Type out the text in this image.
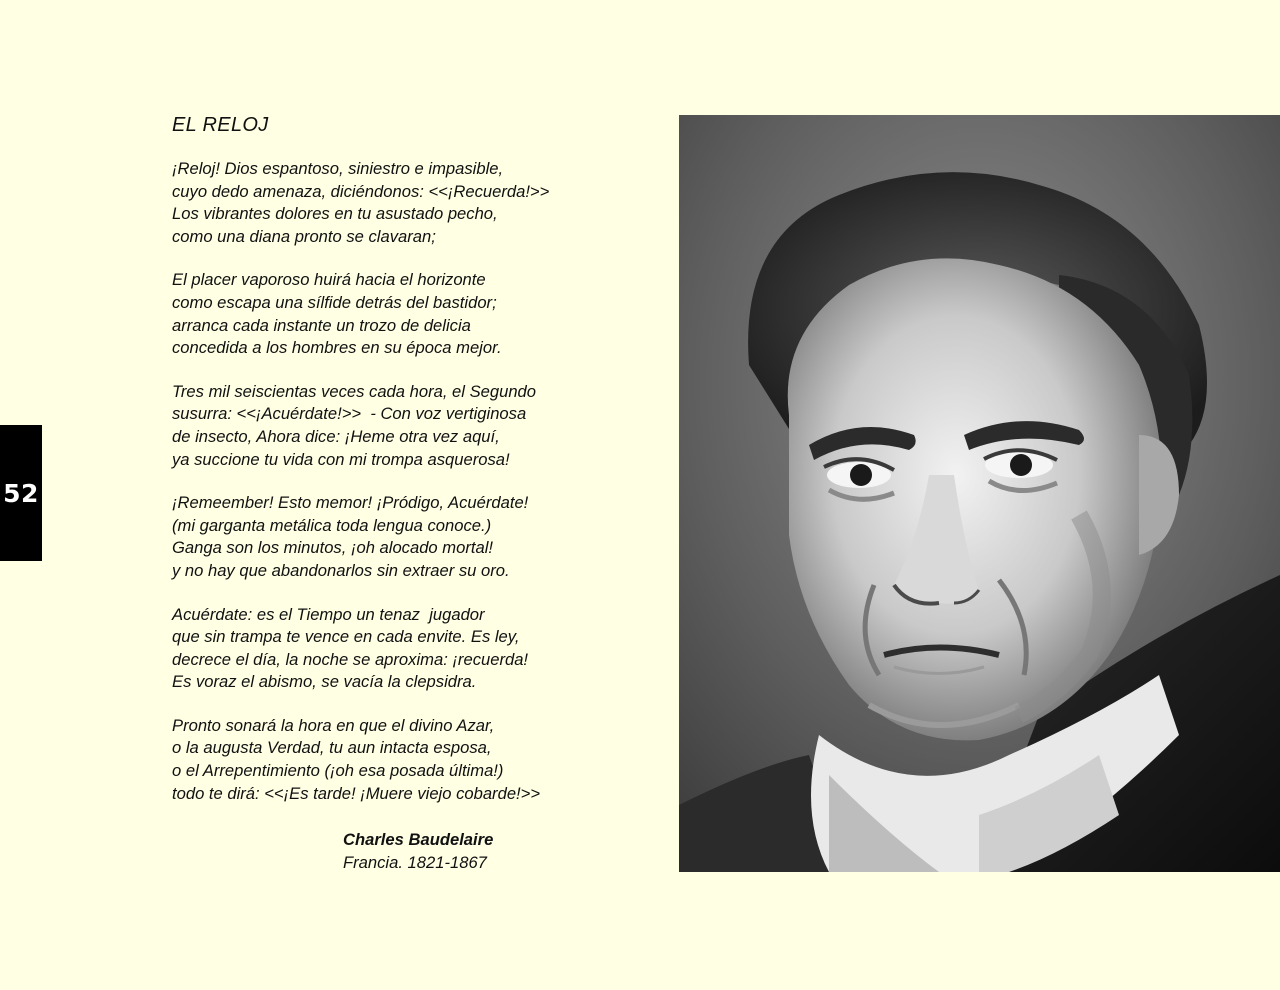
52
EL RELOJ
¡Reloj! Dios espantoso, siniestro e impasible,
cuyo dedo amenaza, diciéndonos: <<¡Recuerda!>>
Los vibrantes dolores en tu asustado pecho,
como una diana pronto se clavaran;
El placer vaporoso huirá hacia el horizonte
como escapa una sílfide detrás del bastidor;
arranca cada instante un trozo de delicia
concedida a los hombres en su época mejor.
Tres mil seiscientas veces cada hora, el Segundo
susurra: <<¡Acuérdate!>>  - Con voz vertiginosa
de insecto, Ahora dice: ¡Heme otra vez aquí,
ya succione tu vida con mi trompa asquerosa!
¡Remeember! Esto memor! ¡Pródigo, Acuérdate!
(mi garganta metálica toda lengua conoce.)
Ganga son los minutos, ¡oh alocado mortal!
y no hay que abandonarlos sin extraer su oro.
Acuérdate: es el Tiempo un tenaz  jugador
que sin trampa te vence en cada envite. Es ley,
decrece el día, la noche se aproxima: ¡recuerda!
Es voraz el abismo, se vacía la clepsidra.
Pronto sonará la hora en que el divino Azar,
o la augusta Verdad, tu aun intacta esposa,
o el Arrepentimiento (¡oh esa posada última!)
todo te dirá: <<¡Es tarde! ¡Muere viejo cobarde!>>
Charles Baudelaire
Francia. 1821-1867
